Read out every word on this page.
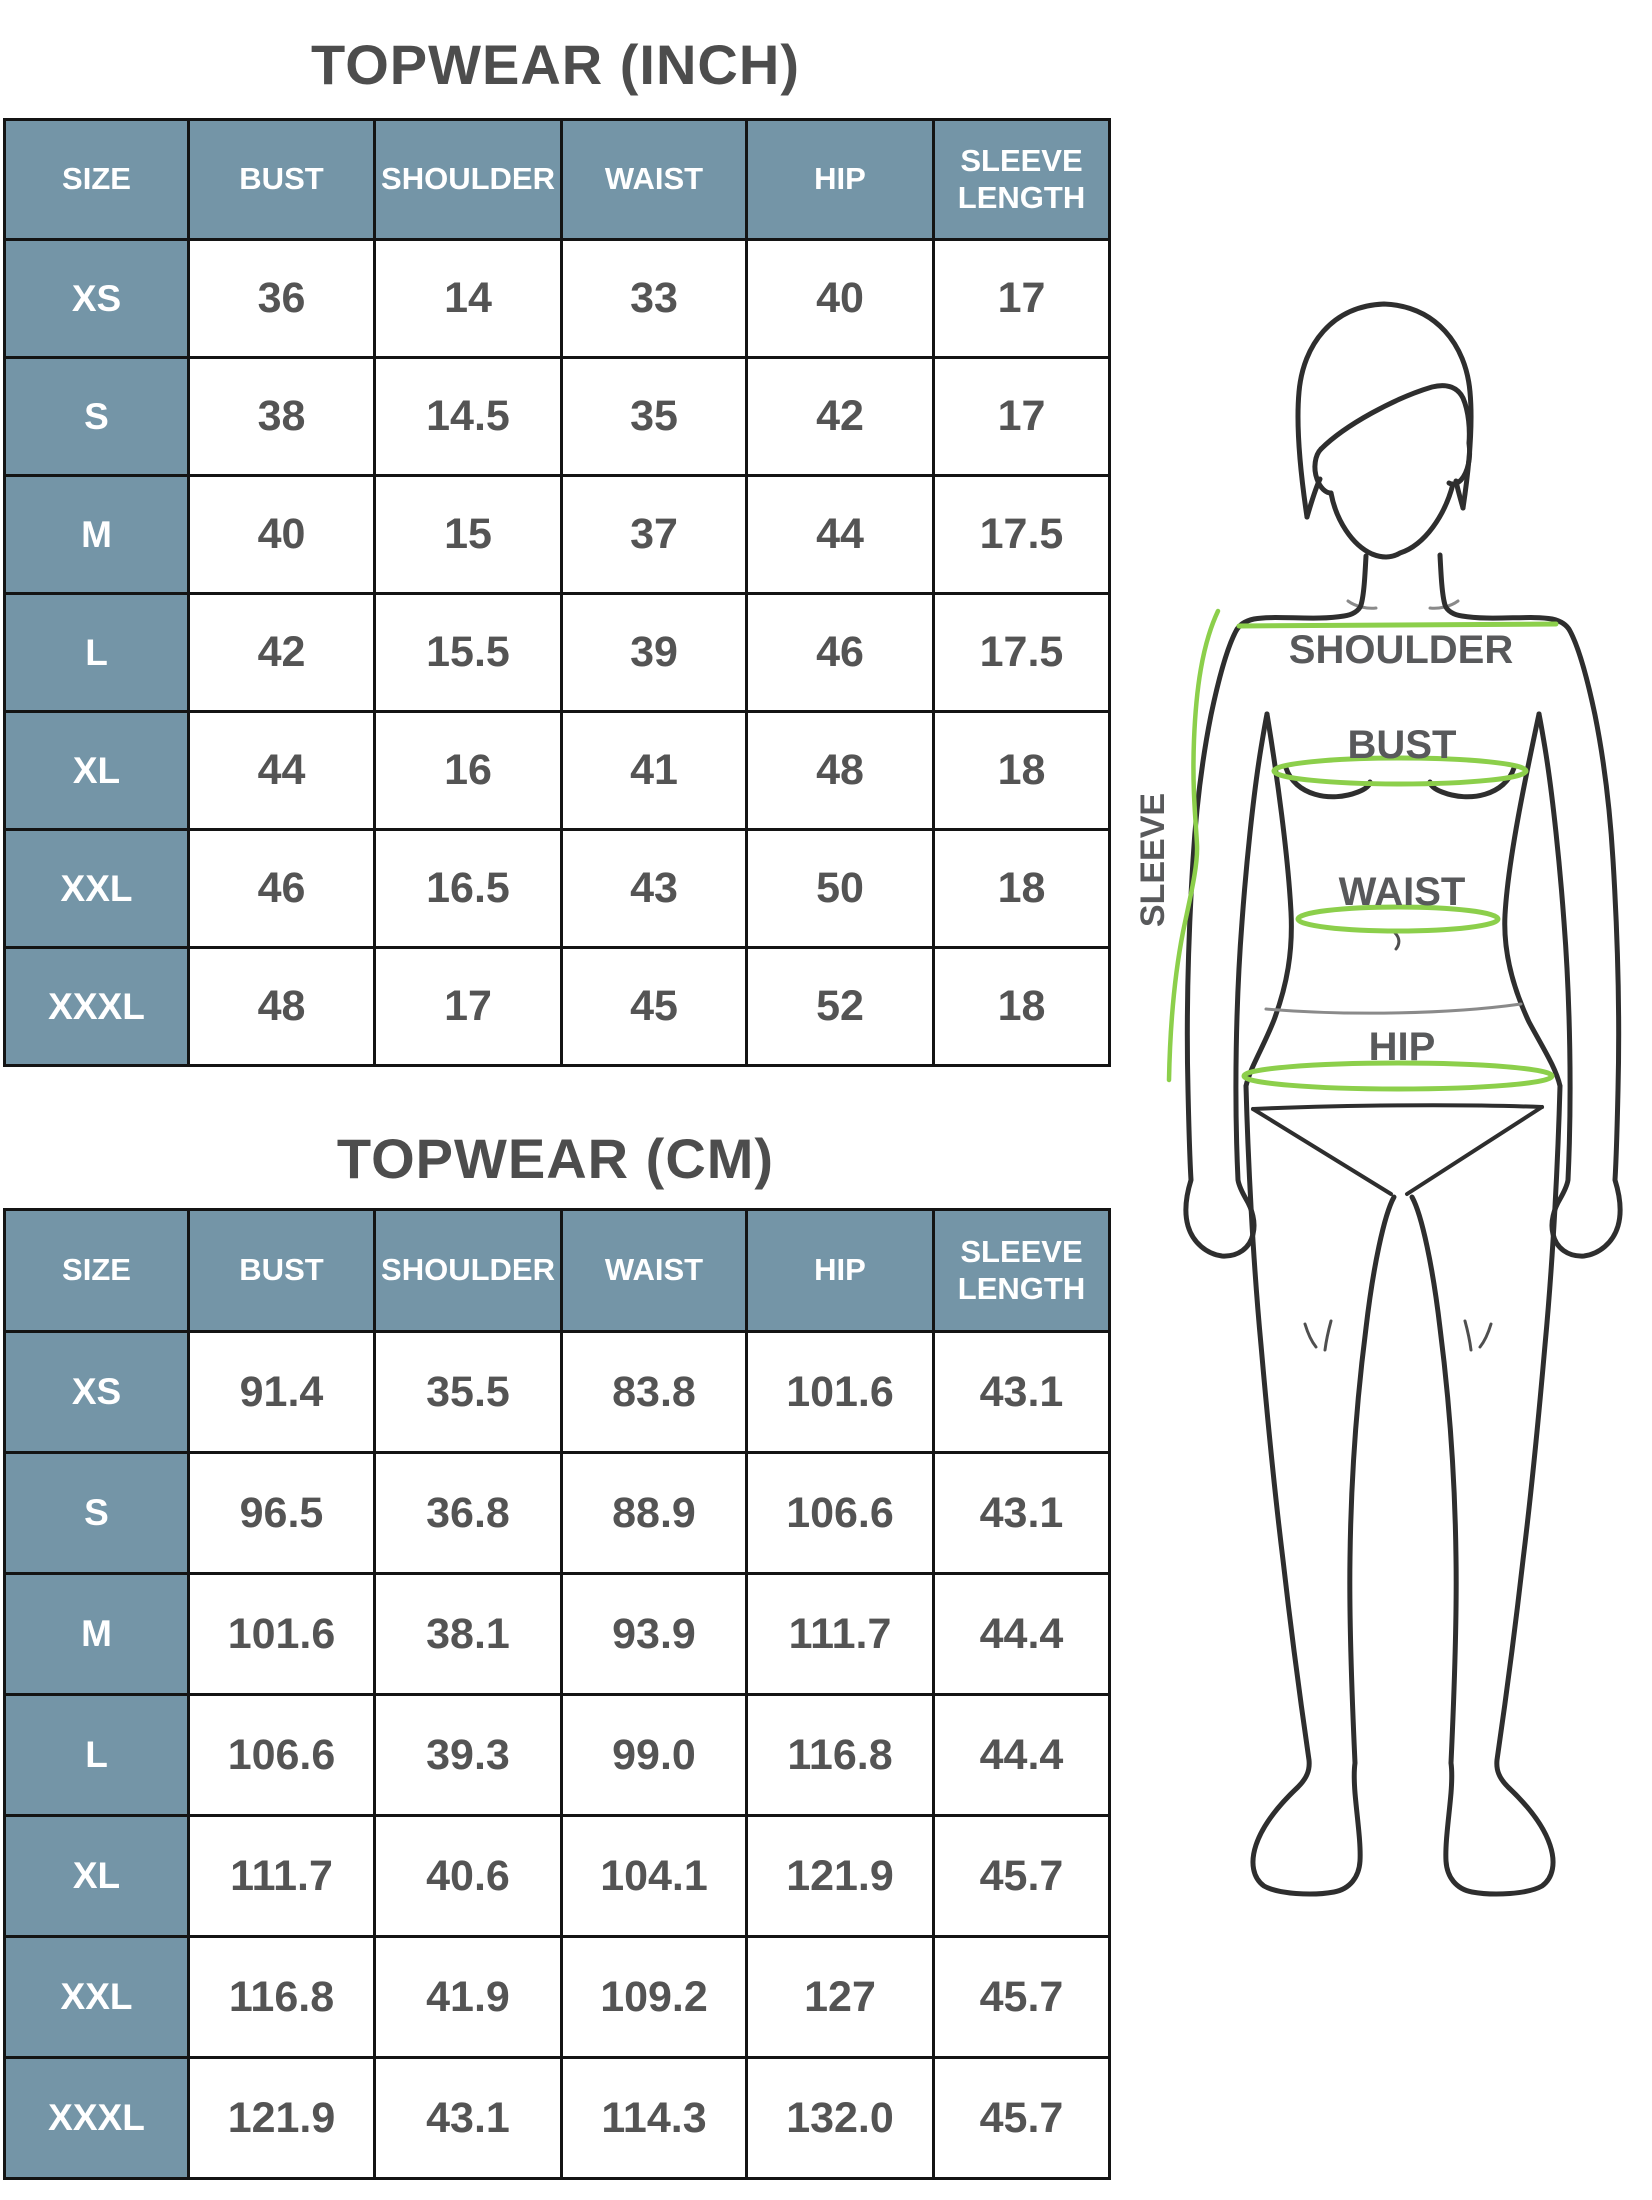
TOPWEAR (INCH)
SIZE	BUST	SHOULDER	WAIST	HIP	SLEEVE LENGTH
XS	36	14	33	40	17
S	38	14.5	35	42	17
M	40	15	37	44	17.5
L	42	15.5	39	46	17.5
XL	44	16	41	48	18
XXL	46	16.5	43	50	18
XXXL	48	17	45	52	18
TOPWEAR (CM)
SIZE	BUST	SHOULDER	WAIST	HIP	SLEEVE LENGTH
XS	91.4	35.5	83.8	101.6	43.1
S	96.5	36.8	88.9	106.6	43.1
M	101.6	38.1	93.9	111.7	44.4
L	106.6	39.3	99.0	116.8	44.4
XL	111.7	40.6	104.1	121.9	45.7
XXL	116.8	41.9	109.2	127	45.7
XXXL	121.9	43.1	114.3	132.0	45.7
SHOULDER
BUST
WAIST
HIP
SLEEVE
